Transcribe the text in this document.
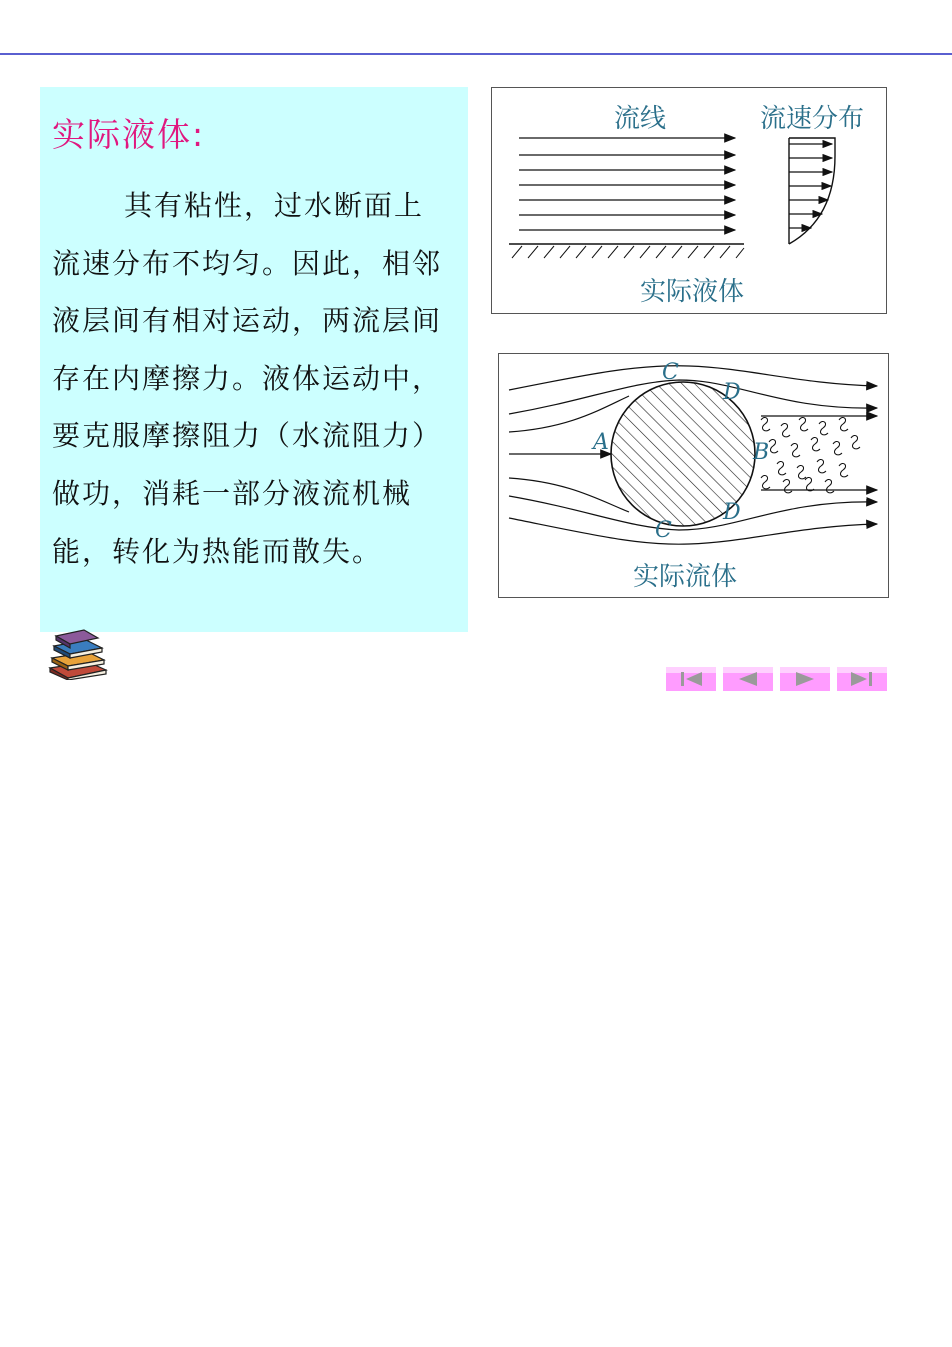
实际液体:
其有粘性，过水断面上流速分布不均匀。因此，相邻液层间有相对运动，两流层间存在内摩擦力。液体运动中，要克服摩擦阻力（水流阻力）做功，消耗一部分液流机械能，转化为热能而散失。
流线	流速分布
实际液体
C
D
A	B
D
C
实际流体
